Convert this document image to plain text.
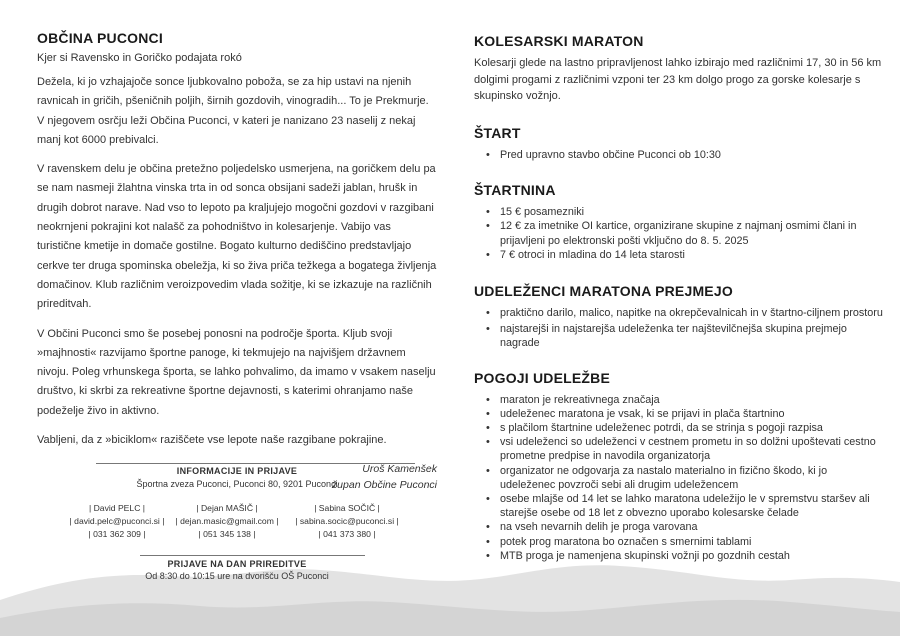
OBČINA PUCONCI
Kjer si Ravensko in Goričko podajata rokó

Dežela, ki jo vzhajajoče sonce ljubkovalno poboža, se za hip ustavi na njenih ravnicah in gričih, pšeničnih poljih, širnih gozdovih, vinogradih... To je Prekmurje. V njegovem osrčju leži Občina Puconci, v kateri je nanizano 23 naselij z nekaj manj kot 6000 prebivalci.

V ravenskem delu je občina pretežno poljedelsko usmerjena, na goričkem delu pa se nam nasmeji žlahtna vinska trta in od sonca obsijani sadeži jablan, hrušk in drugih dobrot narave. Nad vso to lepoto pa kraljujejo mogočni gozdovi v razgibani neokrnjeni pokrajini kot nalašč za pohodništvo in kolesarjenje. Vabijo vas turistične kmetije in domače gostilne. Bogato kulturno dediščino predstavljajo cerkve ter druga spominska obeležja, ki so živa priča težkega a bogatega življenja domačinov. Klub različnim veroizpovedim vlada sožitje, ki se izkazuje na različnih prireditvah.

V Občini Puconci smo še posebej ponosni na področje športa. Kljub svoji »majhnosti« razvijamo športne panoge, ki tekmujejo na najvišjem državnem nivoju. Poleg vrhunskega športa, se lahko pohvalimo, da imamo v vsakem naselju društvo, ki skrbi za rekreativne športne dejavnosti, s katerimi ohranjamo naše podeželje živo in aktivno.

Vabljeni, da z »biciklom« raziščete vse lepote naše razgibane pokrajine.

Uroš Kamenšek
župan Občine Puconci
INFORMACIJE IN PRIJAVE
Športna zveza Puconci, Puconci 80, 9201 Puconci
| David PELC |
| david.pelc@puconci.si |
| 031 362 309 |
| Dejan MAŠIČ |
| dejan.masic@gmail.com |
| 051 345 138 |
| Sabina SOČIČ |
| sabina.socic@puconci.si |
| 041 373 380 |
PRIJAVE NA DAN PRIREDITVE
Od 8:30 do 10:15 ure na dvorišču OŠ Puconci
KOLESARSKI MARATON

Kolesarji glede na lastno pripravljenost lahko izbirajo med različnimi 17, 30 in 56 km dolgimi progami z različnimi vzponi ter 23 km dolgo progo za gorske kolesarje s skupinsko vožnjo.

ŠTART
• Pred upravno stavbo občine Puconci ob 10:30
ŠTARTNINA
• 15 € posamezniki
• 12 € za imetnike OI kartice, organizirane skupine z najmanj osmimi člani in prijavljeni po elektronski pošti vključno do 8. 5. 2025
• 7 € otroci in mladina do 14 leta starosti
UDELEŽENCI MARATONA PREJMEJO
• praktično darilo, malico, napitke na okrepčevalnicah in v štartno-ciljnem prostoru
• najstarejši in najstarejša udeleženka ter najštevilčnejša skupina prejmejo nagrade
POGOJI UDELEŽBE
• maraton je rekreativnega značaja
• udeleženec maratona je vsak, ki se prijavi in plača štartnino
• s plačilom štartnine udeleženec potrdi, da se strinja s pogoji razpisa
• vsi udeleženci so udeleženci v cestnem prometu in so dolžni upoštevati cestno prometne predpise in navodila organizatorja
• organizator ne odgovarja za nastalo materialno in fizično škodo, ki jo udeleženec povzroči sebi ali drugim udeležencem
• osebe mlajše od 14 let se lahko maratona udeležijo le v spremstvu staršev ali starejše osebe od 18 let z obvezno uporabo kolesarske čelade
• na vseh nevarnih delih je proga varovana
• potek prog maratona bo označen s smernimi tablami
• MTB proga je namenjena skupinski vožnji po gozdnih cestah
